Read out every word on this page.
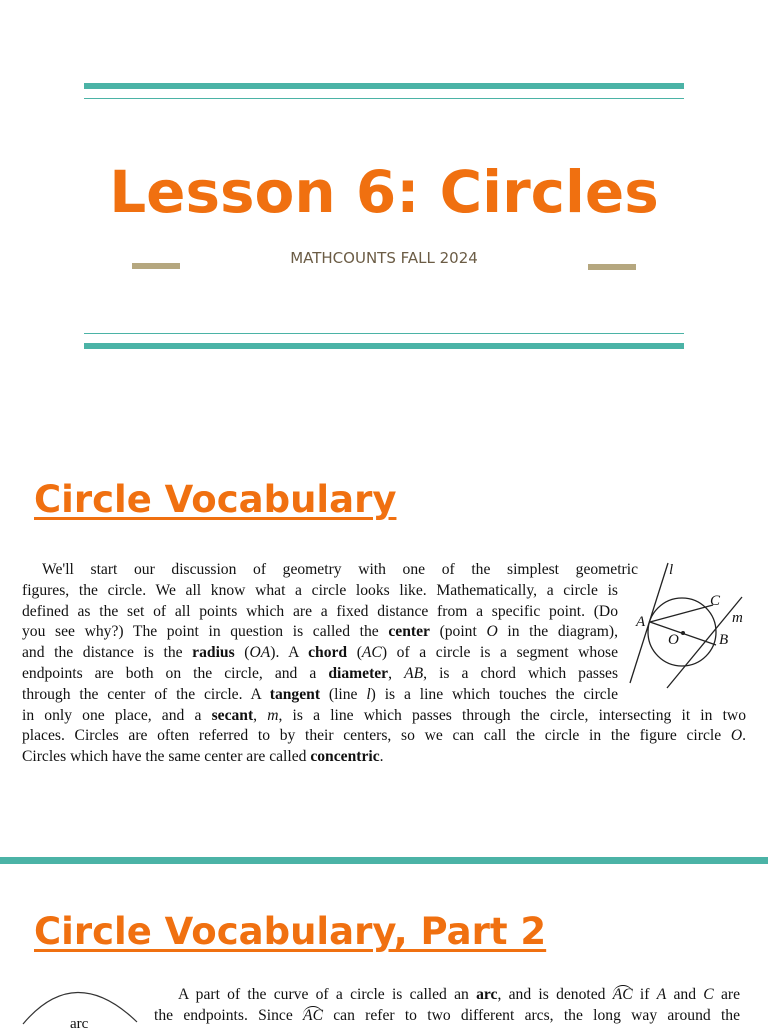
Lesson 6: Circles
MATHCOUNTS FALL 2024
Circle Vocabulary
We'll start our discussion of geometry with one of the simplest geometric
figures, the circle. We all know what a circle looks like. Mathematically, a circle is
defined as the set of all points which are a fixed distance from a specific point. (Do
you see why?) The point in question is called the center (point O in the diagram),
and the distance is the radius (OA). A chord (AC) of a circle is a segment whose
endpoints are both on the circle, and a diameter, AB, is a chord which passes
through the center of the circle. A tangent (line l) is a line which touches the circle
in only one place, and a secant, m, is a line which passes through the circle, intersecting it in two
places. Circles are often referred to by their centers, so we can call the circle in the figure circle O.
Circles which have the same center are called concentric.
l
C
m
A
O	B
Circle Vocabulary, Part 2
arc
A part of the curve of a circle is called an arc, and is denoted AC if A and C are
the endpoints. Since AC can refer to two different arcs, the long way around the
